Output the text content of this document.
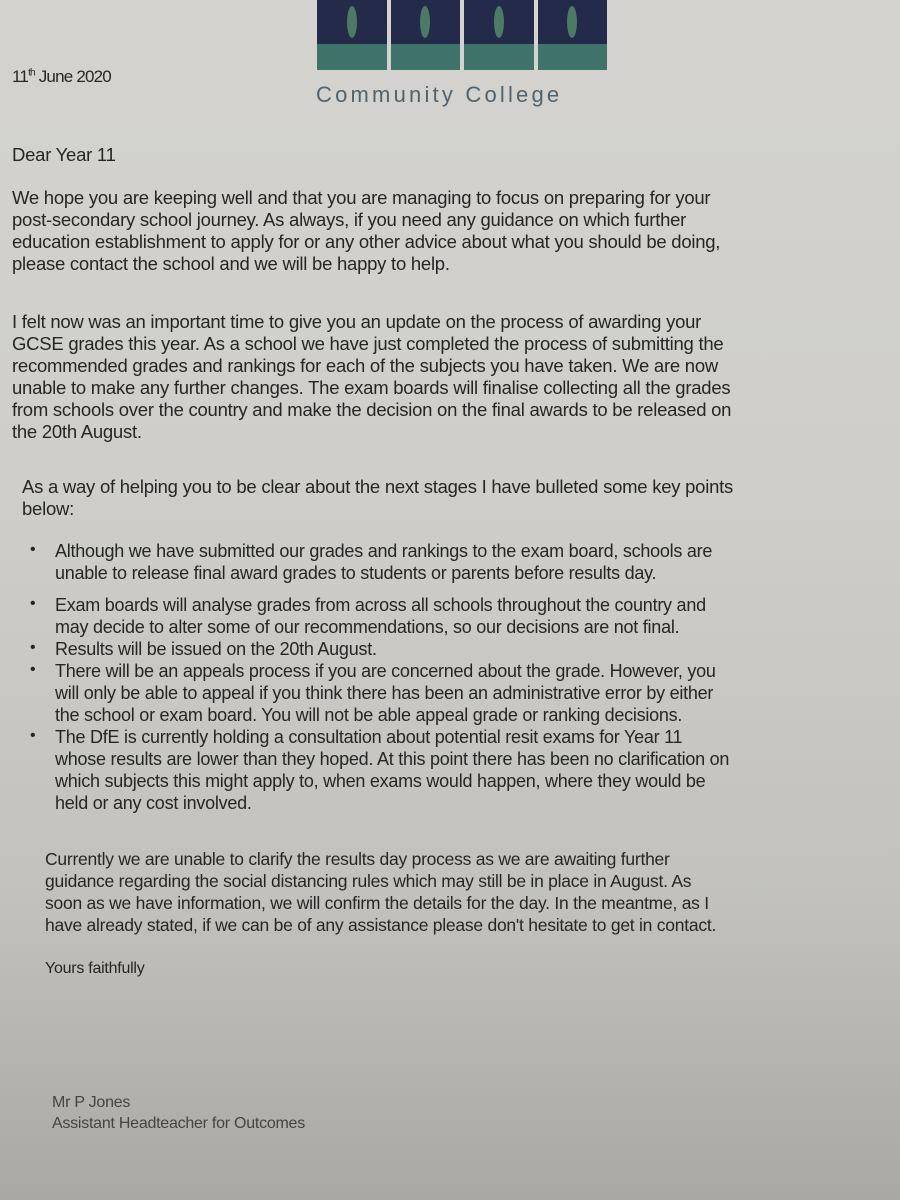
11th June 2020
Community College
Dear Year 11
We hope you are keeping well and that you are managing to focus on preparing for your
post-secondary school journey. As always, if you need any guidance on which further
education establishment to apply for or any other advice about what you should be doing,
please contact the school and we will be happy to help.
I felt now was an important time to give you an update on the process of awarding your
GCSE grades this year. As a school we have just completed the process of submitting the
recommended grades and rankings for each of the subjects you have taken. We are now
unable to make any further changes. The exam boards will finalise collecting all the grades
from schools over the country and make the decision on the final awards to be released on
the 20th August.
As a way of helping you to be clear about the next stages I have bulleted some key points
below:
• Although we have submitted our grades and rankings to the exam board, schools are
unable to release final award grades to students or parents before results day.
• Exam boards will analyse grades from across all schools throughout the country and
may decide to alter some of our recommendations, so our decisions are not final.
• Results will be issued on the 20th August.
• There will be an appeals process if you are concerned about the grade. However, you
will only be able to appeal if you think there has been an administrative error by either
the school or exam board. You will not be able appeal grade or ranking decisions.
• The DfE is currently holding a consultation about potential resit exams for Year 11
whose results are lower than they hoped. At this point there has been no clarification on
which subjects this might apply to, when exams would happen, where they would be
held or any cost involved.
Currently we are unable to clarify the results day process as we are awaiting further
guidance regarding the social distancing rules which may still be in place in August. As
soon as we have information, we will confirm the details for the day. In the meantme, as I
have already stated, if we can be of any assistance please don't hesitate to get in contact.
Yours faithfully
Mr P Jones
Assistant Headteacher for Outcomes
